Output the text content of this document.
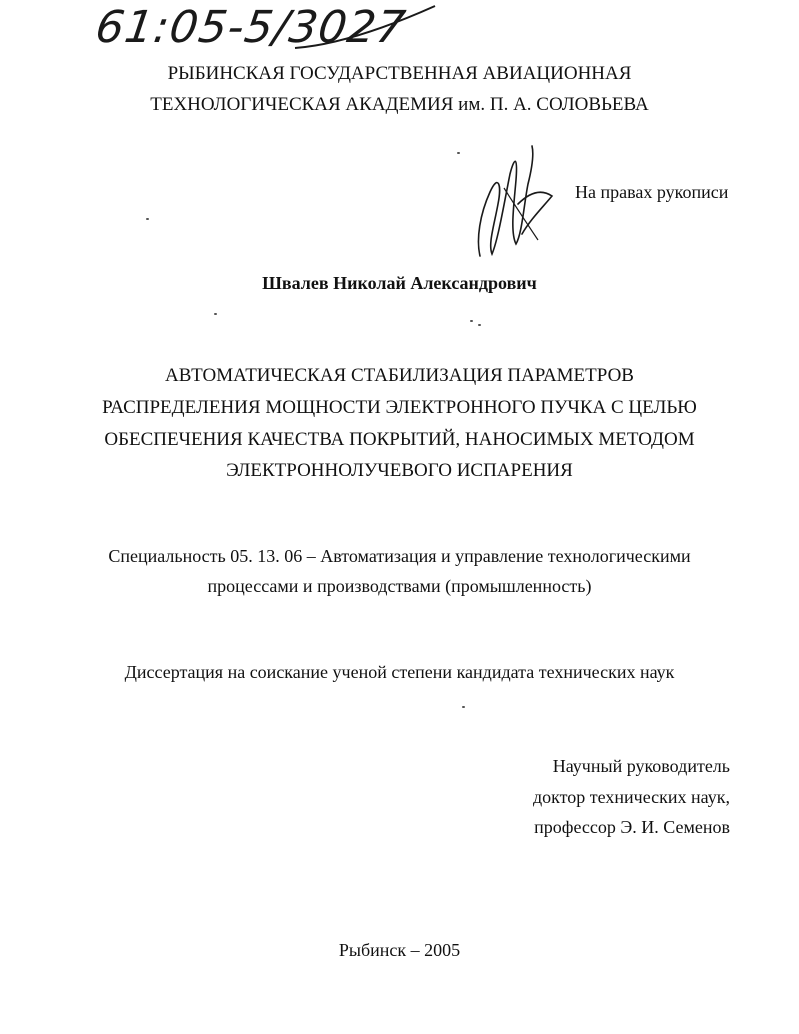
61:05-5/3027
РЫБИНСКАЯ ГОСУДАРСТВЕННАЯ АВИАЦИОННАЯ
ТЕХНОЛОГИЧЕСКАЯ АКАДЕМИЯ им. П. А. СОЛОВЬЕВА
На правах рукописи
Швалев Николай Александрович
АВТОМАТИЧЕСКАЯ СТАБИЛИЗАЦИЯ ПАРАМЕТРОВ
РАСПРЕДЕЛЕНИЯ МОЩНОСТИ ЭЛЕКТРОННОГО ПУЧКА С ЦЕЛЬЮ
ОБЕСПЕЧЕНИЯ КАЧЕСТВА ПОКРЫТИЙ, НАНОСИМЫХ МЕТОДОМ
ЭЛЕКТРОННОЛУЧЕВОГО ИСПАРЕНИЯ
Специальность 05. 13. 06 – Автоматизация и управление технологическими
процессами и производствами (промышленность)
Диссертация на соискание ученой степени кандидата технических наук
Научный руководитель
доктор технических наук,
профессор Э. И. Семенов
Рыбинск – 2005
